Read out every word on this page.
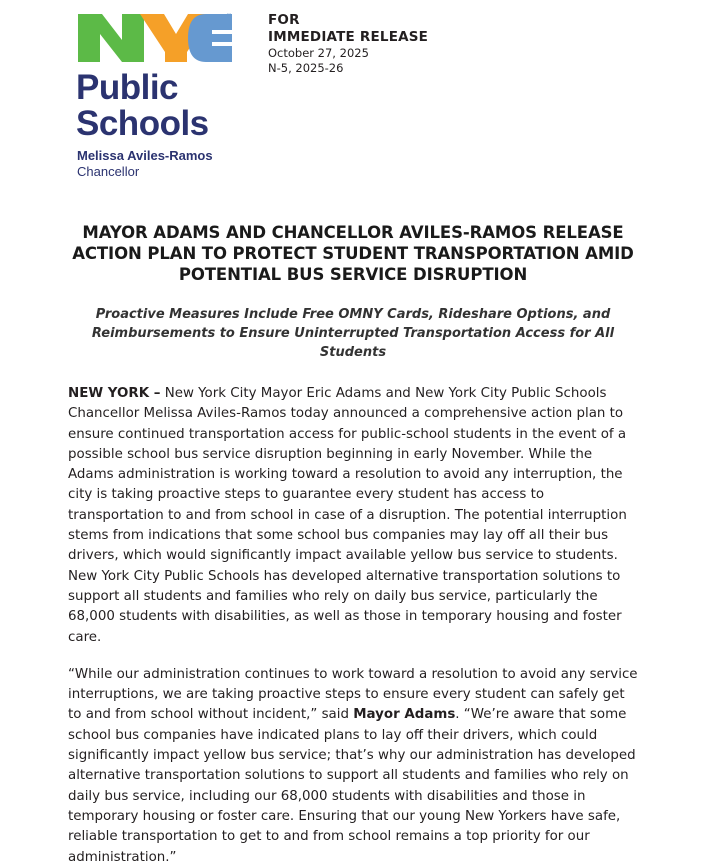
™
Public
Schools
Melissa Aviles-Ramos
Chancellor
FOR
IMMEDIATE RELEASE
October 27, 2025
N-5, 2025-26
MAYOR ADAMS AND CHANCELLOR AVILES-RAMOS RELEASE ACTION PLAN TO PROTECT STUDENT TRANSPORTATION AMID POTENTIAL BUS SERVICE DISRUPTION
Proactive Measures Include Free OMNY Cards, Rideshare Options, and Reimbursements to Ensure Uninterrupted Transportation Access for All Students

NEW YORK – New York City Mayor Eric Adams and New York City Public Schools Chancellor Melissa Aviles-Ramos today announced a comprehensive action plan to ensure continued transportation access for public-school students in the event of a possible school bus service disruption beginning in early November. While the Adams administration is working toward a resolution to avoid any interruption, the city is taking proactive steps to guarantee every student has access to transportation to and from school in case of a disruption. The potential interruption stems from indications that some school bus companies may lay off all their bus drivers, which would significantly impact available yellow bus service to students. New York City Public Schools has developed alternative transportation solutions to support all students and families who rely on daily bus service, particularly the 68,000 students with disabilities, as well as those in temporary housing and foster care.

“While our administration continues to work toward a resolution to avoid any service interruptions, we are taking proactive steps to ensure every student can safely get to and from school without incident,” said Mayor Adams. “We’re aware that some school bus companies have indicated plans to lay off their drivers, which could significantly impact yellow bus service; that’s why our administration has developed alternative transportation solutions to support all students and families who rely on daily bus service, including our 68,000 students with disabilities and those in temporary housing or foster care. Ensuring that our young New Yorkers have safe, reliable transportation to get to and from school remains a top priority for our administration.”
